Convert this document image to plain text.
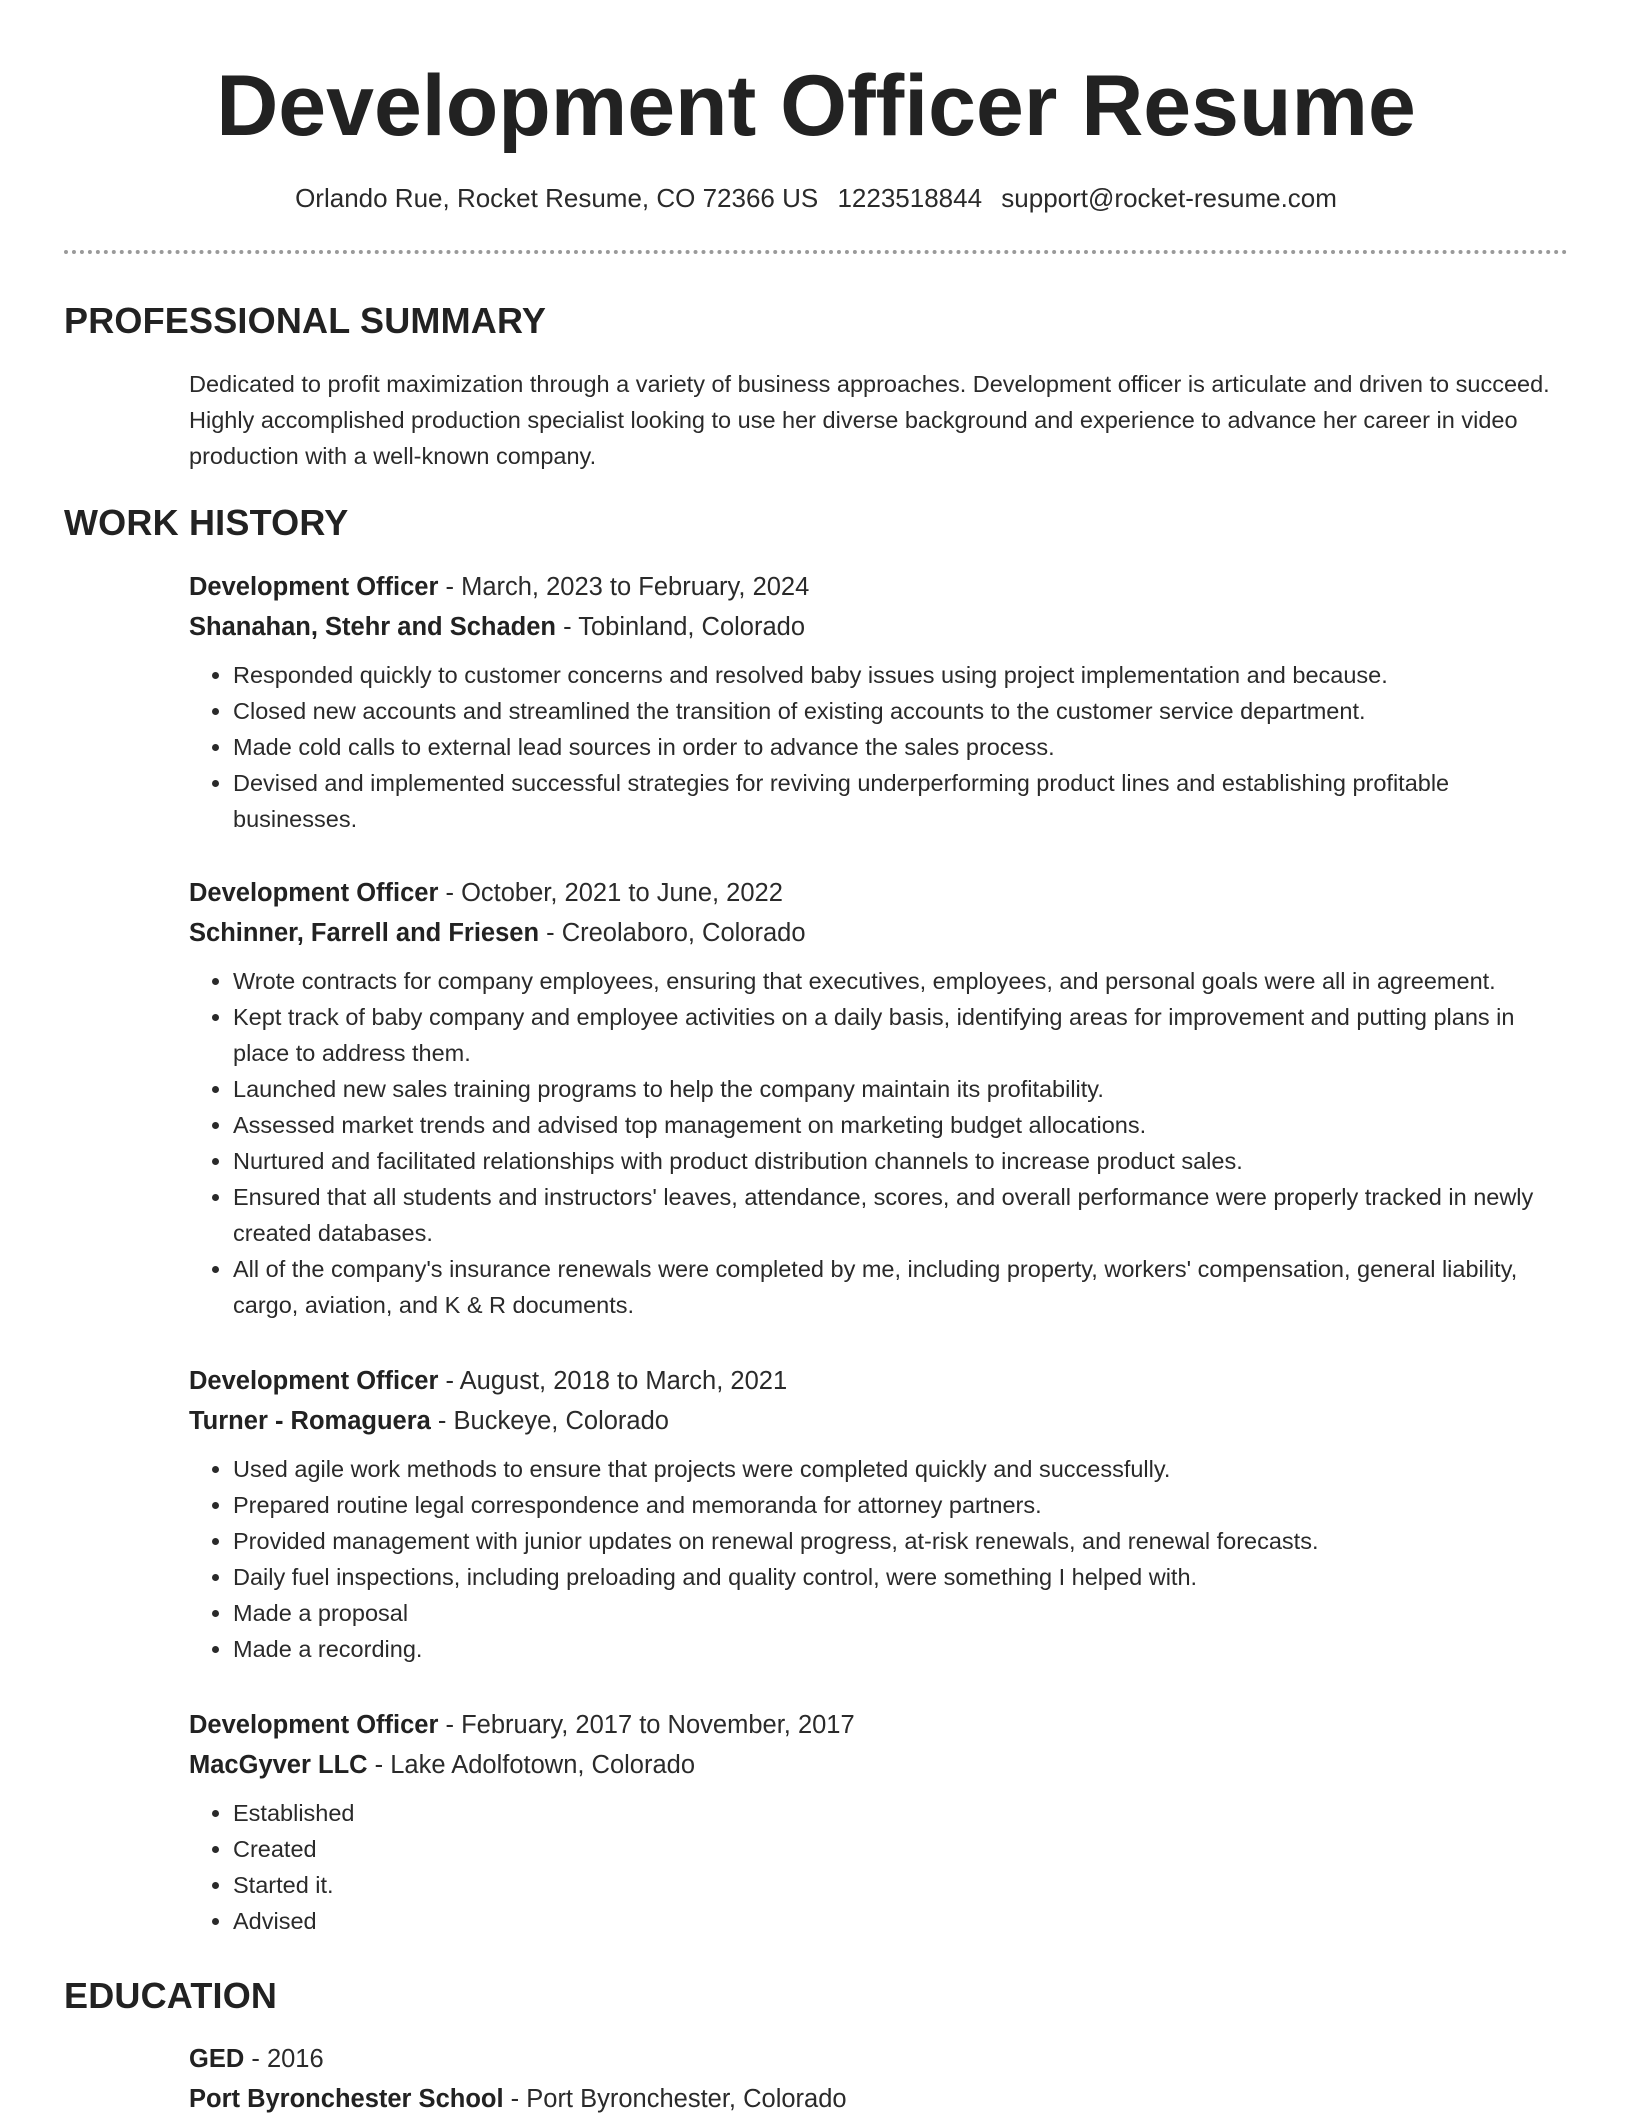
Development Officer Resume
Orlando Rue, Rocket Resume, CO 72366 US 1223518844 support@rocket-resume.com
PROFESSIONAL SUMMARY

Dedicated to profit maximization through a variety of business approaches. Development officer is articulate and driven to succeed. Highly accomplished production specialist looking to use her diverse background and experience to advance her career in video production with a well-known company.

WORK HISTORY

Development Officer - March, 2023 to February, 2024

Shanahan, Stehr and Schaden - Tobinland, Colorado

• Responded quickly to customer concerns and resolved baby issues using project implementation and because.
• Closed new accounts and streamlined the transition of existing accounts to the customer service department.
• Made cold calls to external lead sources in order to advance the sales process.
• Devised and implemented successful strategies for reviving underperforming product lines and establishing profitable businesses.

Development Officer - October, 2021 to June, 2022

Schinner, Farrell and Friesen - Creolaboro, Colorado

• Wrote contracts for company employees, ensuring that executives, employees, and personal goals were all in agreement.
• Kept track of baby company and employee activities on a daily basis, identifying areas for improvement and putting plans in place to address them.
• Launched new sales training programs to help the company maintain its profitability.
• Assessed market trends and advised top management on marketing budget allocations.
• Nurtured and facilitated relationships with product distribution channels to increase product sales.
• Ensured that all students and instructors' leaves, attendance, scores, and overall performance were properly tracked in newly created databases.
• All of the company's insurance renewals were completed by me, including property, workers' compensation, general liability, cargo, aviation, and K & R documents.

Development Officer - August, 2018 to March, 2021

Turner - Romaguera - Buckeye, Colorado

• Used agile work methods to ensure that projects were completed quickly and successfully.
• Prepared routine legal correspondence and memoranda for attorney partners.
• Provided management with junior updates on renewal progress, at-risk renewals, and renewal forecasts.
• Daily fuel inspections, including preloading and quality control, were something I helped with.
• Made a proposal
• Made a recording.

Development Officer - February, 2017 to November, 2017

MacGyver LLC - Lake Adolfotown, Colorado

• Established
• Created
• Started it.
• Advised
EDUCATION

GED - 2016

Port Byronchester School - Port Byronchester, Colorado
